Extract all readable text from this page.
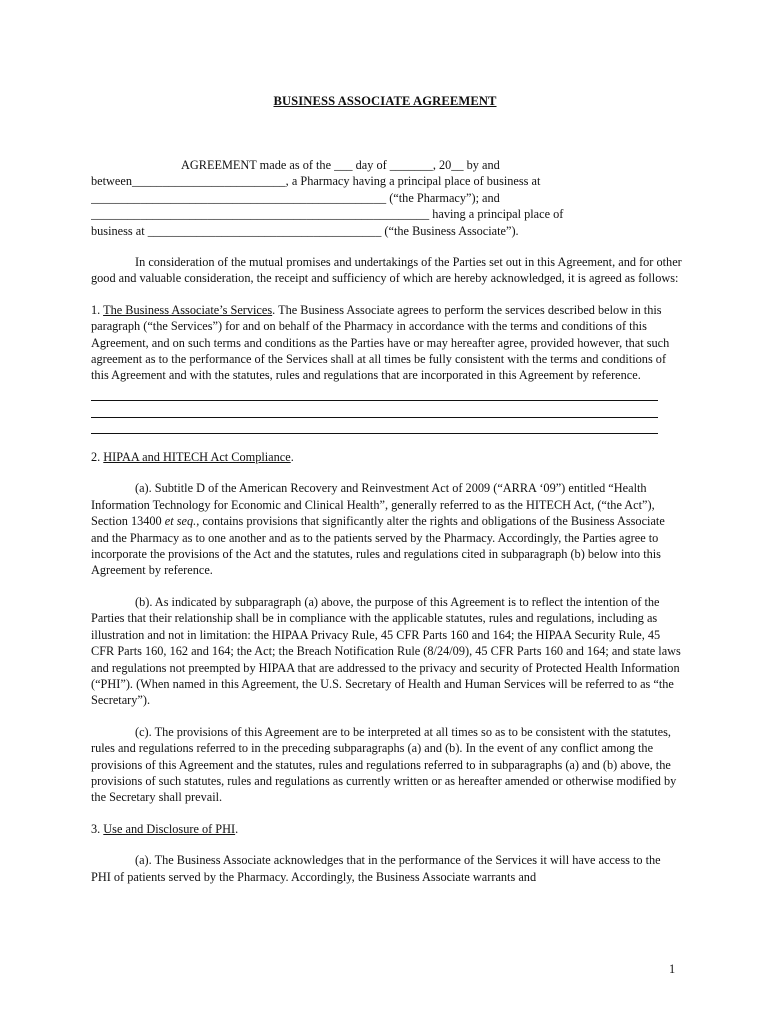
BUSINESS ASSOCIATE AGREEMENT
AGREEMENT made as of the ___ day of _______, 20__ by and
between_________________________, a Pharmacy having a principal place of business at
________________________________________________ (“the Pharmacy”); and
_______________________________________________________ having a principal place of
business at ______________________________________ (“the Business Associate”).

In consideration of the mutual promises and undertakings of the Parties set out in this Agreement, and for other good and valuable consideration, the receipt and sufficiency of which are hereby acknowledged, it is agreed as follows:

1. The Business Associate’s Services. The Business Associate agrees to perform the services described below in this paragraph (“the Services”) for and on behalf of the Pharmacy in accordance with the terms and conditions of this Agreement, and on such terms and conditions as the Parties have or may hereafter agree, provided however, that such agreement as to the performance of the Services shall at all times be fully consistent with the terms and conditions of this Agreement and with the statutes, rules and regulations that are incorporated in this Agreement by reference.

2. HIPAA and HITECH Act Compliance.

(a). Subtitle D of the American Recovery and Reinvestment Act of 2009 (“ARRA ‘09”) entitled “Health Information Technology for Economic and Clinical Health”, generally referred to as the HITECH Act, (“the Act”), Section 13400 et seq., contains provisions that significantly alter the rights and obligations of the Business Associate and the Pharmacy as to one another and as to the patients served by the Pharmacy. Accordingly, the Parties agree to incorporate the provisions of the Act and the statutes, rules and regulations cited in subparagraph (b) below into this Agreement by reference.

(b). As indicated by subparagraph (a) above, the purpose of this Agreement is to reflect the intention of the Parties that their relationship shall be in compliance with the applicable statutes, rules and regulations, including as illustration and not in limitation: the HIPAA Privacy Rule, 45 CFR Parts 160 and 164; the HIPAA Security Rule, 45 CFR Parts 160, 162 and 164; the Act; the Breach Notification Rule (8/24/09), 45 CFR Parts 160 and 164; and state laws and regulations not preempted by HIPAA that are addressed to the privacy and security of Protected Health Information (“PHI”). (When named in this Agreement, the U.S. Secretary of Health and Human Services will be referred to as “the Secretary”).

(c). The provisions of this Agreement are to be interpreted at all times so as to be consistent with the statutes, rules and regulations referred to in the preceding subparagraphs (a) and (b). In the event of any conflict among the provisions of this Agreement and the statutes, rules and regulations referred to in subparagraphs (a) and (b) above, the provisions of such statutes, rules and regulations as currently written or as hereafter amended or otherwise modified by the Secretary shall prevail.

3. Use and Disclosure of PHI.

(a). The Business Associate acknowledges that in the performance of the Services it will have access to the PHI of patients served by the Pharmacy. Accordingly, the Business Associate warrants and

1
